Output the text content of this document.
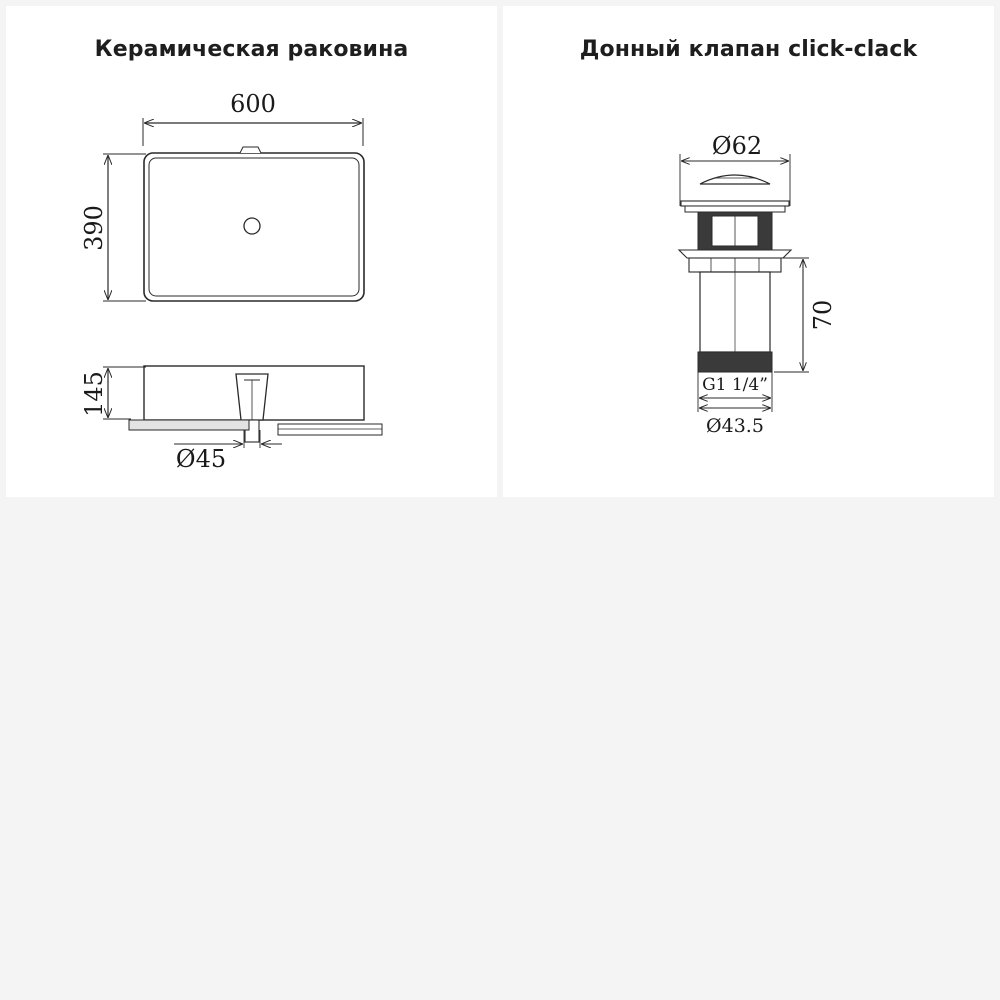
Керамическая раковина
600
390
145
Ø45
Донный клапан click-clack
Ø62
70
G1 1/4”
Ø43.5
